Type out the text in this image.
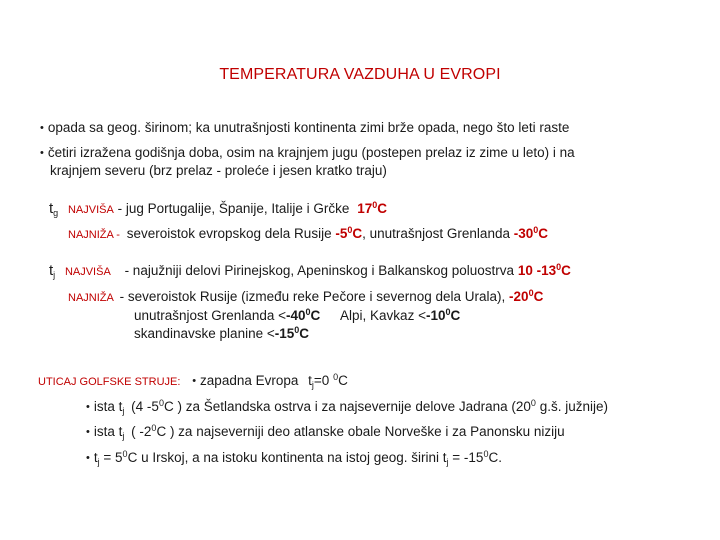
TEMPERATURA VAZDUHA U EVROPI
• opada sa geog. širinom; ka unutrašnjosti kontinenta zimi brže opada, nego što leti raste
• četiri izražena godišnja doba, osim na krajnjem jugu (postepen prelaz iz zime u leto) i na
krajnjem severu (brz prelaz - proleće i jesen kratko traju)
$t_g$ NAJVIŠA - jug Portugalije, Španije, Italije i Grčke $17^0C$
NAJNIŽA - severoistok evropskog dela Rusije $-5^0C$, unutrašnjost Grenlanda $-30^0C$
$t_j$ NAJVIŠA - najužniji delovi Pirinejskog, Apeninskog i Balkanskog poluostrva 10 $-13^0C$
NAJNIŽA - severoistok Rusije (između reke Pečore i severnog dela Urala), $-20^0C$
unutrašnjost Grenlanda $<-40^0C$ Alpi, Kavkaz $<-10^0C$
skandinavske planine $<-15^0C$
UTICAJ GOLFSKE STRUJE: • zapadna Evropa $t_j=0$ $^0$C
• ista $t_j$ (4 $-5^0C$ ) za Šetlandska ostrva i za najsevernije delove Jadrana ($20^0$ g.š. južnije)
• ista $t_j$ ( $-2^0C$ ) za najseverniji deo atlanske obale Norveške i za Panonsku niziju
• $t_j = 5^0C$ u Irskoj, a na istoku kontinenta na istoj geog. širini $t_j = -15^0C$.
